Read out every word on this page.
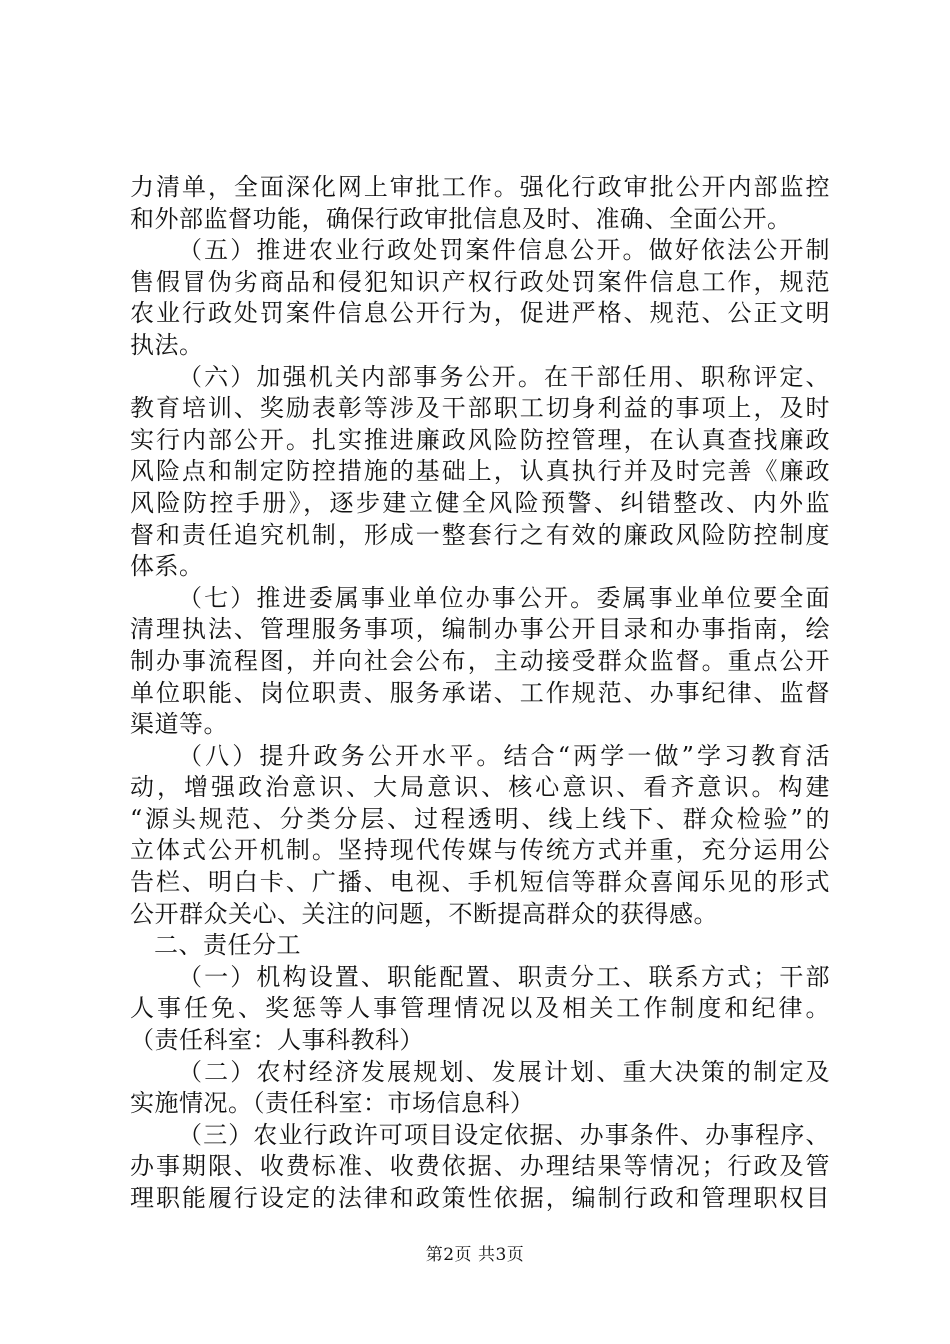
力清单，全面深化网上审批工作。强化行政审批公开内部监控
和外部监督功能，确保行政审批信息及时、准确、全面公开。
（五）推进农业行政处罚案件信息公开。做好依法公开制
售假冒伪劣商品和侵犯知识产权行政处罚案件信息工作，规范
农业行政处罚案件信息公开行为，促进严格、规范、公正文明
执法。
（六）加强机关内部事务公开。在干部任用、职称评定、
教育培训、奖励表彰等涉及干部职工切身利益的事项上，及时
实行内部公开。扎实推进廉政风险防控管理，在认真查找廉政
风险点和制定防控措施的基础上，认真执行并及时完善《廉政
风险防控手册》，逐步建立健全风险预警、纠错整改、内外监
督和责任追究机制，形成一整套行之有效的廉政风险防控制度
体系。
（七）推进委属事业单位办事公开。委属事业单位要全面
清理执法、管理服务事项，编制办事公开目录和办事指南，绘
制办事流程图，并向社会公布，主动接受群众监督。重点公开
单位职能、岗位职责、服务承诺、工作规范、办事纪律、监督
渠道等。
（八）提升政务公开水平。结合“两学一做”学习教育活
动，增强政治意识、大局意识、核心意识、看齐意识。构建
“源头规范、分类分层、过程透明、线上线下、群众检验”的
立体式公开机制。坚持现代传媒与传统方式并重，充分运用公
告栏、明白卡、广播、电视、手机短信等群众喜闻乐见的形式
公开群众关心、关注的问题，不断提高群众的获得感。
二、责任分工
（一）机构设置、职能配置、职责分工、联系方式；干部
人事任免、奖惩等人事管理情况以及相关工作制度和纪律。
（责任科室：人事科教科）
（二）农村经济发展规划、发展计划、重大决策的制定及
实施情况。（责任科室：市场信息科）
（三）农业行政许可项目设定依据、办事条件、办事程序、
办事期限、收费标准、收费依据、办理结果等情况；行政及管
理职能履行设定的法律和政策性依据，编制行政和管理职权目
第2页 共3页
